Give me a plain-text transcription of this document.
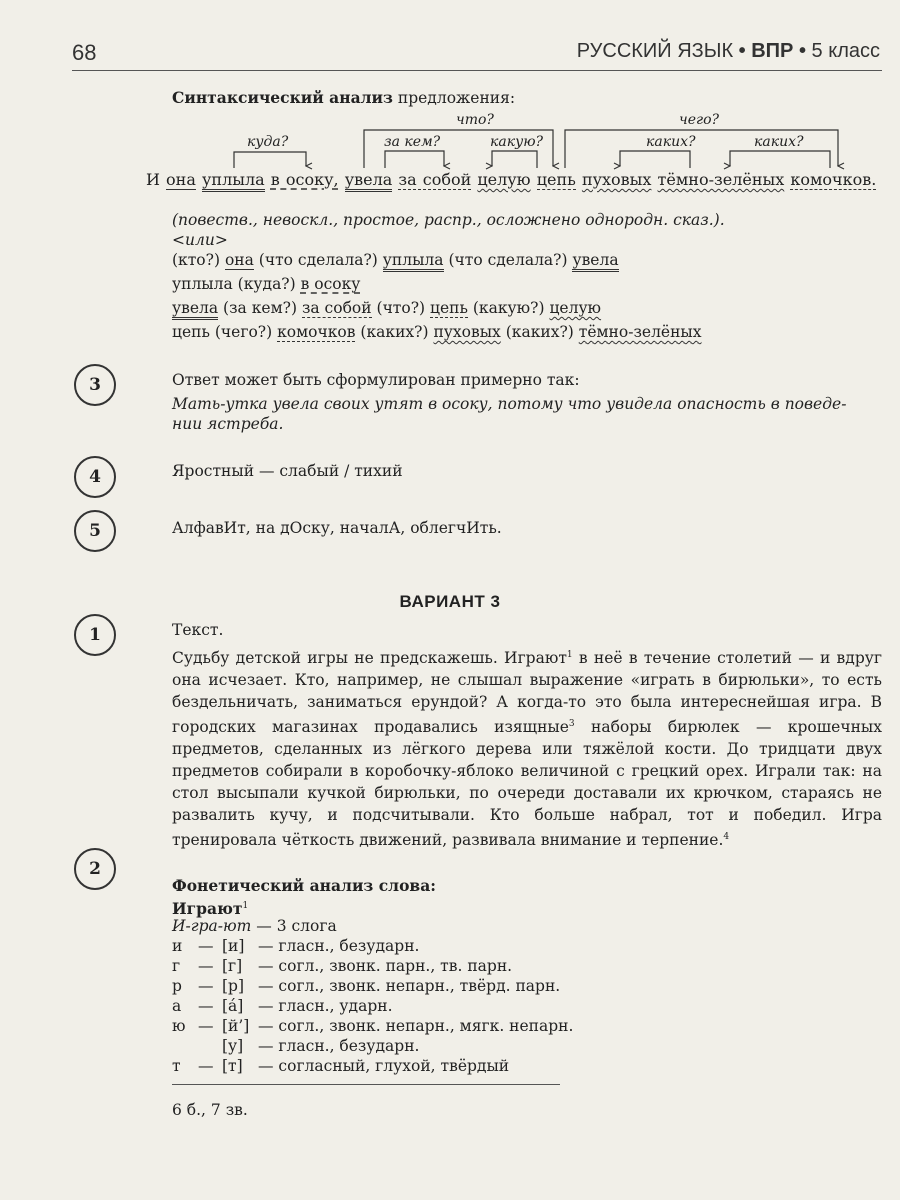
68	РУССКИЙ ЯЗЫК • ВПР • 5 класс
Синтаксический анализ предложения:
куда?
что?
за кем?	какую?
чего?
каких?	каких?
И она уплыла в осоку, увела за собой целую цепь пуховых тёмно-зелёных комочков.
(повеств., невоскл., простое, распр., осложнено однородн. сказ.).
<или>
(кто?) она (что сделала?) уплыла (что сделала?) увела
уплыла (куда?) в осоку
увела (за кем?) за собой (что?) цепь (какую?) целую
цепь (чего?) комочков (каких?) пуховых (каких?) тёмно-зелёных
3	Ответ может быть сформулирован примерно так:
Мать-утка увела своих утят в осоку, потому что увидела опасность в поведе-
нии ястреба.
4	Яростный — слабый / тихий
5	АлфавИт, на дОску, началА, облегчИть.
ВАРИАНТ 3
1	Текст.
Судьбу детской игры не предскажешь. Играют$^1$ в неё в течение столетий — и вдруг она исчезает. Кто, например, не слышал выражение «играть в бирюльки», то есть бездельничать, заниматься ерундой? А когда-то это была интереснейшая игра. В городских магазинах продавались изящные$^3$ наборы бирюлек — крошечных предметов, сделанных из лёгкого дерева или тяжёлой кости. До тридцати двух предметов собирали в коробочку-яблоко величиной с грецкий орех. Играли так: на стол высыпали кучкой бирюльки, по очереди доставали их крючком, стараясь не развалить кучу, и подсчитывали. Кто больше набрал, тот и победил. Игра тренировала чёткость движений, развивала внимание и терпение.$^4$
2
Фонетический анализ слова:
Играют$^1$
И-гра-ют — 3 слога
и — [и] — гласн., безударн.
г — [г] — согл., звонк. парн., тв. парн.
р — [р] — согл., звонк. непарн., твёрд. парн.
а — [á] — гласн., ударн.
ю — [й’] — согл., звонк. непарн., мягк. непарн.
[у] — гласн., безударн.
т — [т] — согласный, глухой, твёрдый
6 б., 7 зв.
